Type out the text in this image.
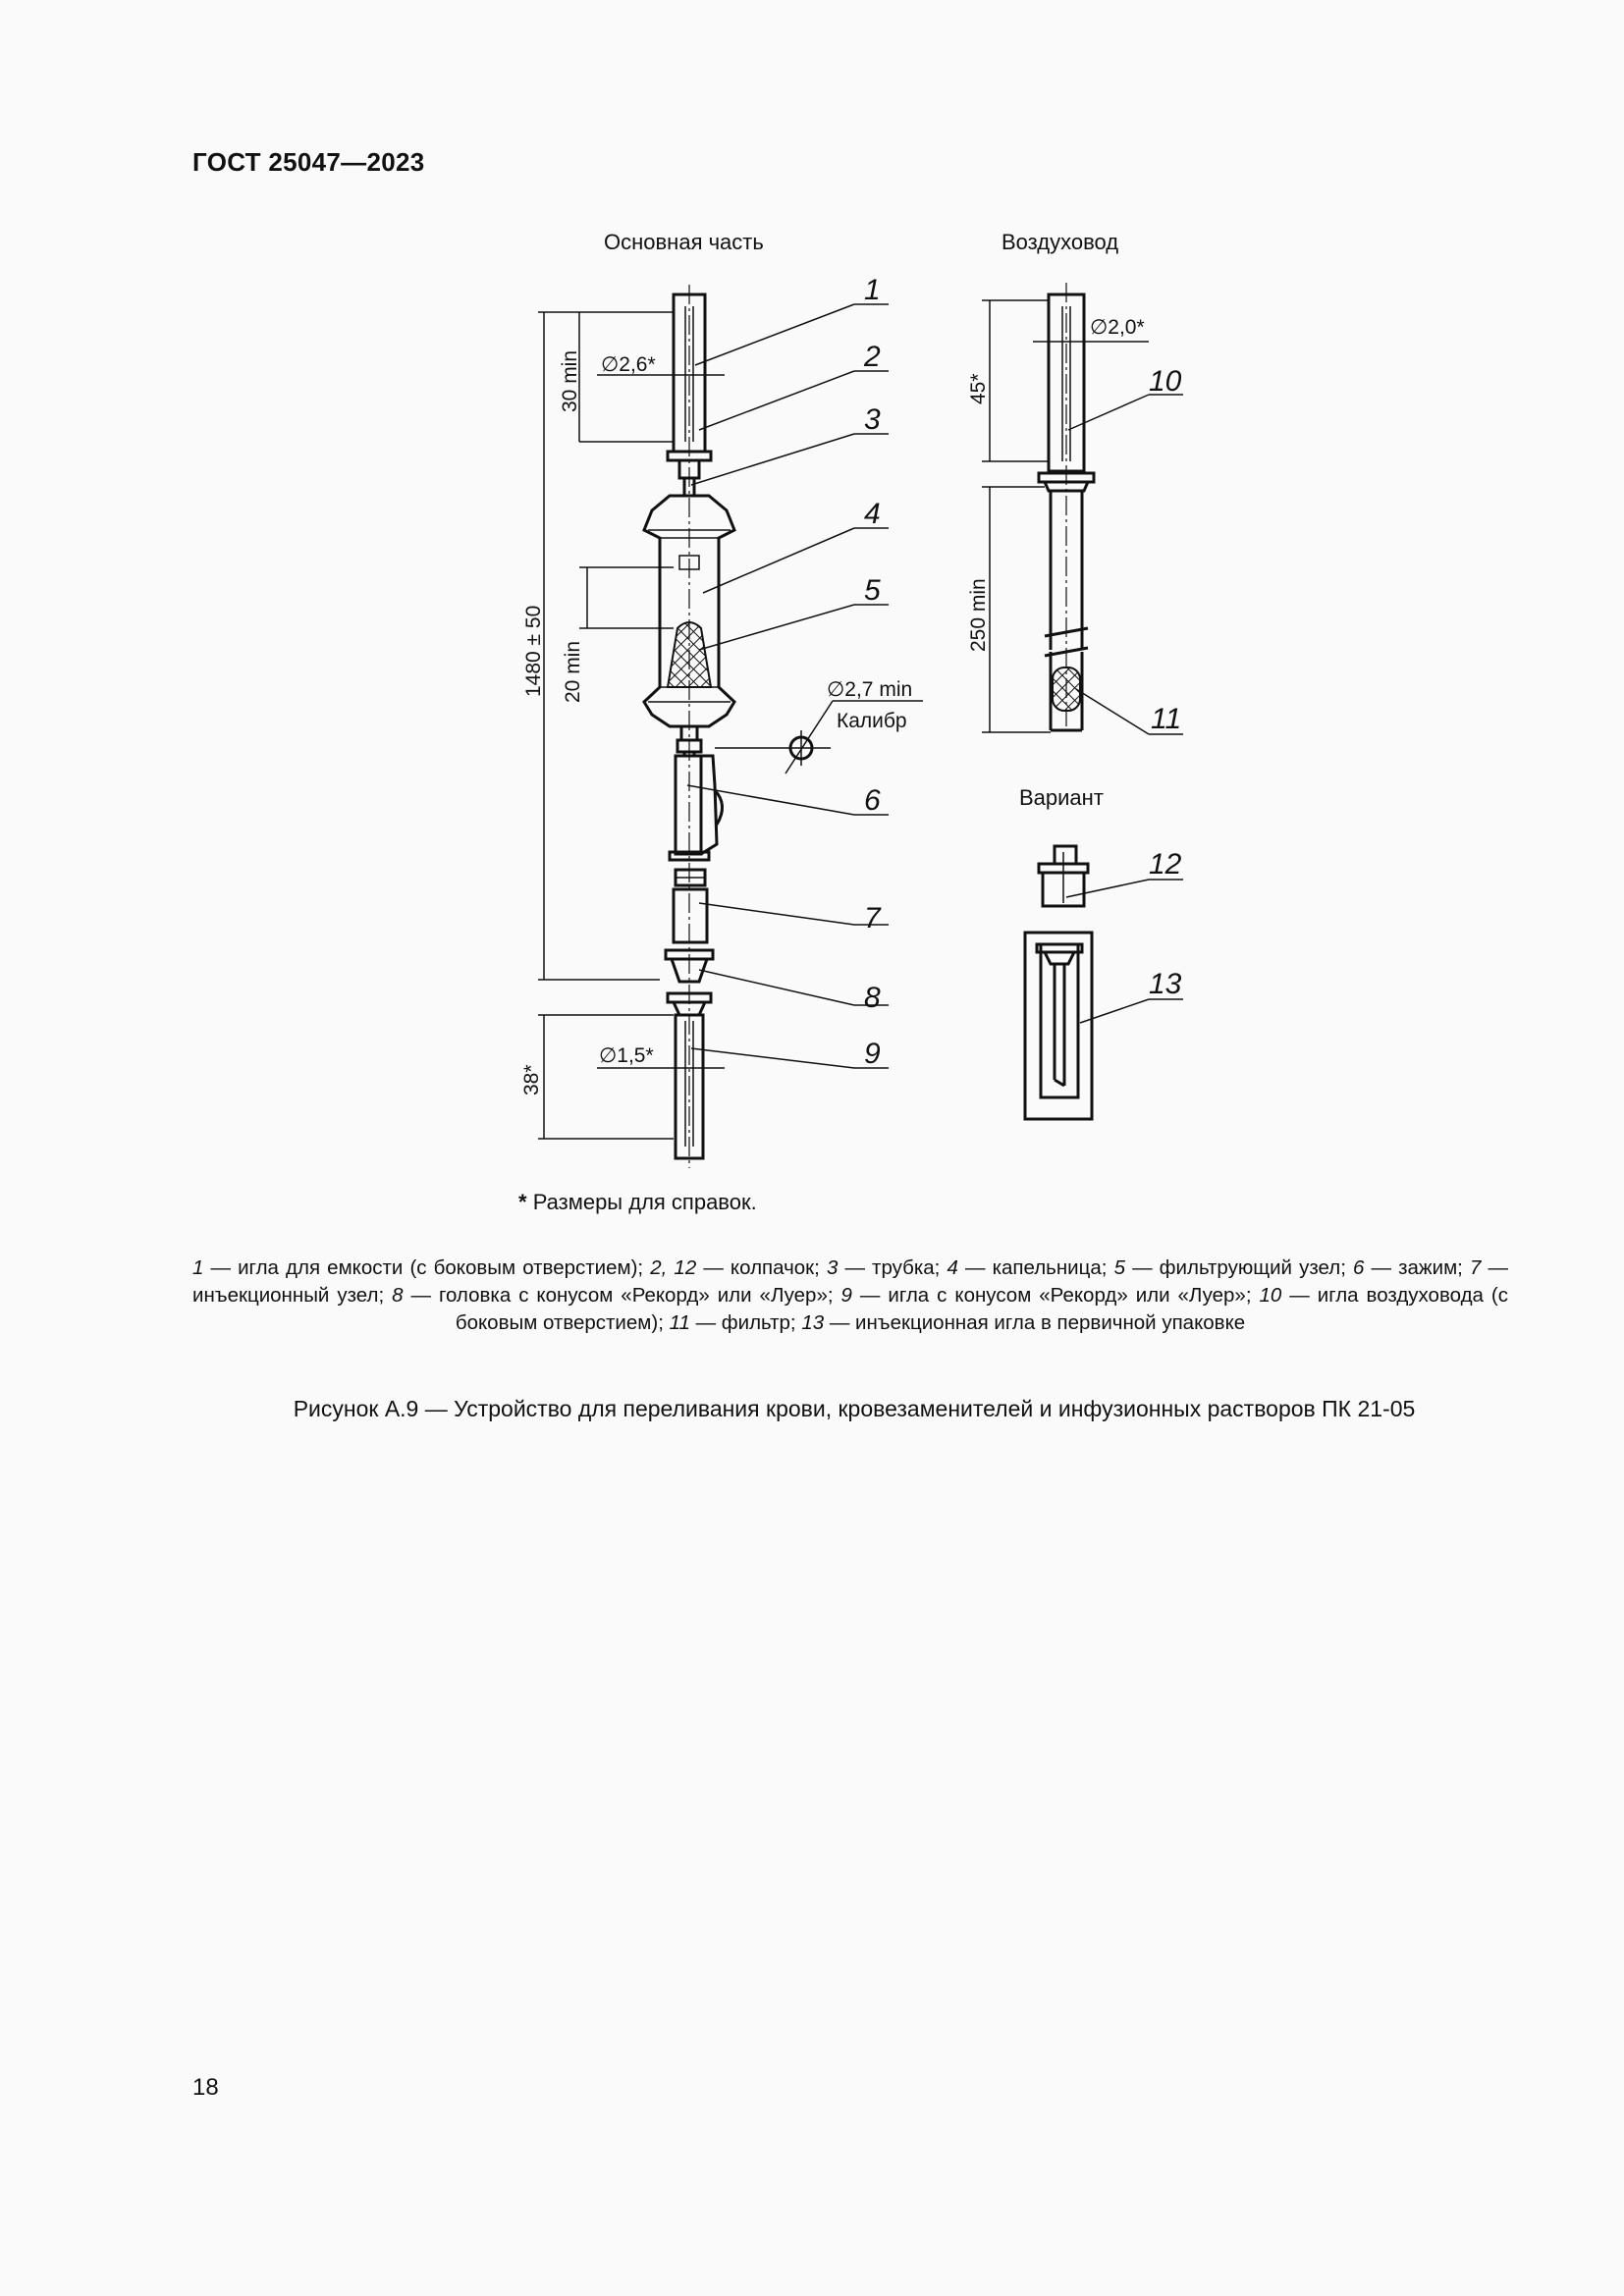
ГОСТ 25047—2023
Основная часть	Воздуховод
Вариант
∅2,7 min
Калибр
30 min
1480 ± 50 20 min
38*
∅2,6*
∅1,5*
1
2
3
4
5
6
7
8
9
∅2,0*
45*
250 min
10
11
12
13
* Размеры для справок.
1 — игла для емкости (с боковым отверстием); 2, 12 — колпачок; 3 — трубка; 4 — капельница; 5 — фильтрующий узел; 6 — зажим; 7 — инъекционный узел; 8 — головка с конусом «Рекорд» или «Луер»; 9 — игла с конусом «Рекорд» или «Луер»; 10 — игла воздуховода (с боковым отверстием); 11 — фильтр; 13 — инъекционная игла в первичной упаковке
Рисунок А.9 — Устройство для переливания крови, кровезаменителей и инфузионных растворов ПК 21-05
18
